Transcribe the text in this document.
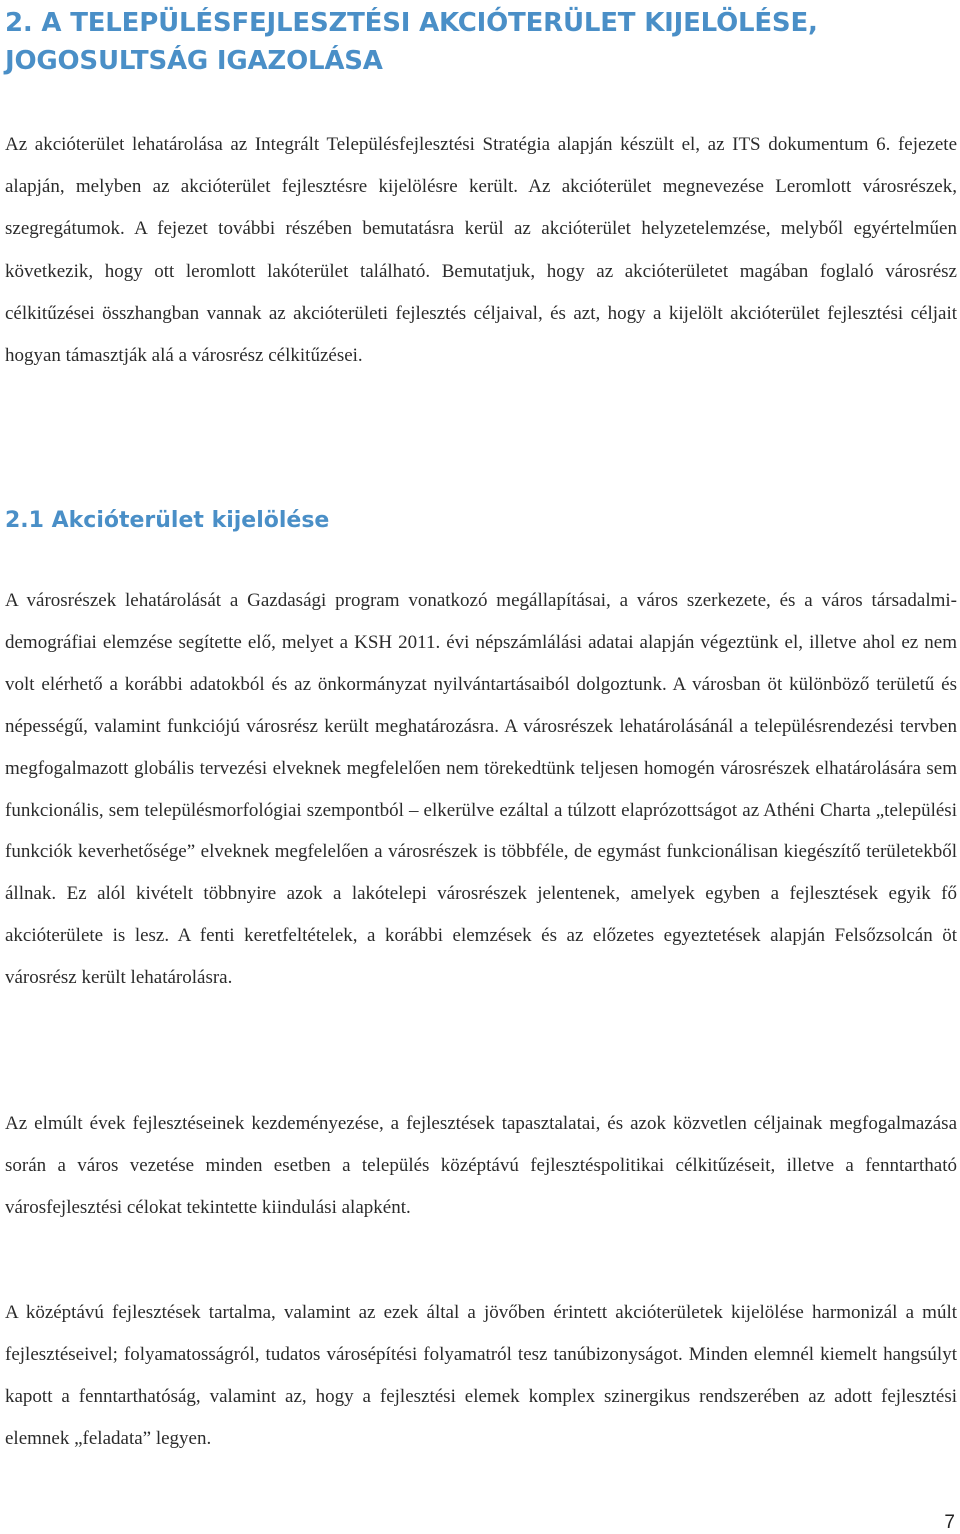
2. A TELEPÜLÉSFEJLESZTÉSI AKCIÓTERÜLET KIJELÖLÉSE, JOGOSULTSÁG IGAZOLÁSA

Az akcióterület lehatárolása az Integrált Településfejlesztési Stratégia alapján készült el, az ITS dokumentum 6. fejezete alapján, melyben az akcióterület fejlesztésre kijelölésre került. Az akcióterület megnevezése Leromlott városrészek, szegregátumok. A fejezet további részében bemutatásra kerül az akcióterület helyzetelemzése, melyből egyértelműen következik, hogy ott leromlott lakóterület található. Bemutatjuk, hogy az akcióterületet magában foglaló városrész célkitűzései összhangban vannak az akcióterületi fejlesztés céljaival, és azt, hogy a kijelölt akcióterület fejlesztési céljait hogyan támasztják alá a városrész célkitűzései.

2.1 Akcióterület kijelölése

A városrészek lehatárolását a Gazdasági program vonatkozó megállapításai, a város szerkezete, és a város társadalmi-demográfiai elemzése segítette elő, melyet a KSH 2011. évi népszámlálási adatai alapján végeztünk el, illetve ahol ez nem volt elérhető a korábbi adatokból és az önkormányzat nyilvántartásaiból dolgoztunk. A városban öt különböző területű és népességű, valamint funkciójú városrész került meghatározásra. A városrészek lehatárolásánál a településrendezési tervben megfogalmazott globális tervezési elveknek megfelelően nem törekedtünk teljesen homogén városrészek elhatárolására sem funkcionális, sem településmorfológiai szempontból – elkerülve ezáltal a túlzott elaprózottságot az Athéni Charta „települési funkciók keverhetősége” elveknek megfelelően a városrészek is többféle, de egymást funkcionálisan kiegészítő területekből állnak. Ez alól kivételt többnyire azok a lakótelepi városrészek jelentenek, amelyek egyben a fejlesztések egyik fő akcióterülete is lesz. A fenti keretfeltételek, a korábbi elemzések és az előzetes egyeztetések alapján Felsőzsolcán öt városrész került lehatárolásra.

Az elmúlt évek fejlesztéseinek kezdeményezése, a fejlesztések tapasztalatai, és azok közvetlen céljainak megfogalmazása során a város vezetése minden esetben a település középtávú fejlesztéspolitikai célkitűzéseit, illetve a fenntartható városfejlesztési célokat tekintette kiindulási alapként.

A középtávú fejlesztések tartalma, valamint az ezek által a jövőben érintett akcióterületek kijelölése harmonizál a múlt fejlesztéseivel; folyamatosságról, tudatos városépítési folyamatról tesz tanúbizonyságot. Minden elemnél kiemelt hangsúlyt kapott a fenntarthatóság, valamint az, hogy a fejlesztési elemek komplex szinergikus rendszerében az adott fejlesztési elemnek „feladata” legyen.

7
